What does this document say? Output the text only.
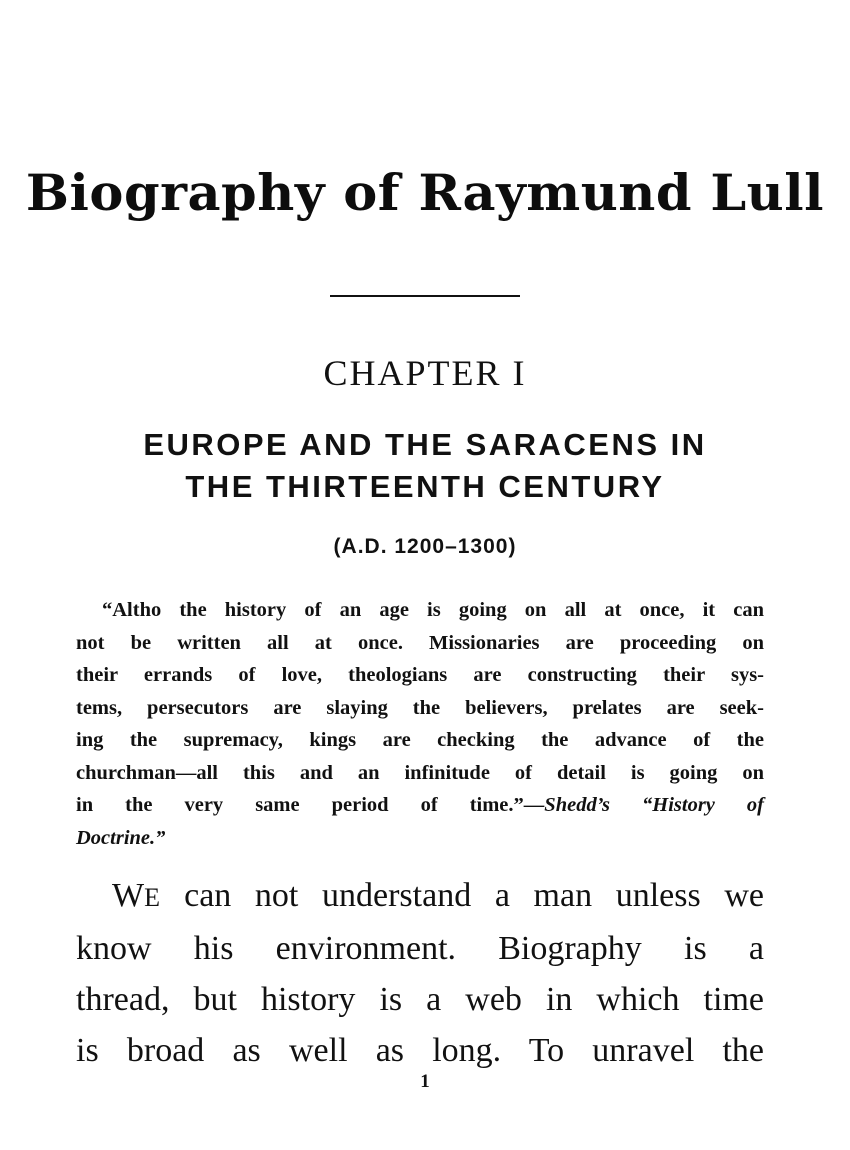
Biography of Raymund Lull
CHAPTER I
EUROPE AND THE SARACENS IN
THE THIRTEENTH CENTURY
(A.D. 1200–1300)
“Altho the history of an age is going on all at once, it can
not be written all at once. Missionaries are proceeding on
their errands of love, theologians are constructing their sys-
tems, persecutors are slaying the believers, prelates are seek-
ing the supremacy, kings are checking the advance of the
churchman—all this and an infinitude of detail is going on
in the very same period of time.”—Shedd’s “History of
Doctrine.”
WE can not understand a man unless we
know his environment. Biography is a
thread, but history is a web in which time
is broad as well as long. To unravel the
1
